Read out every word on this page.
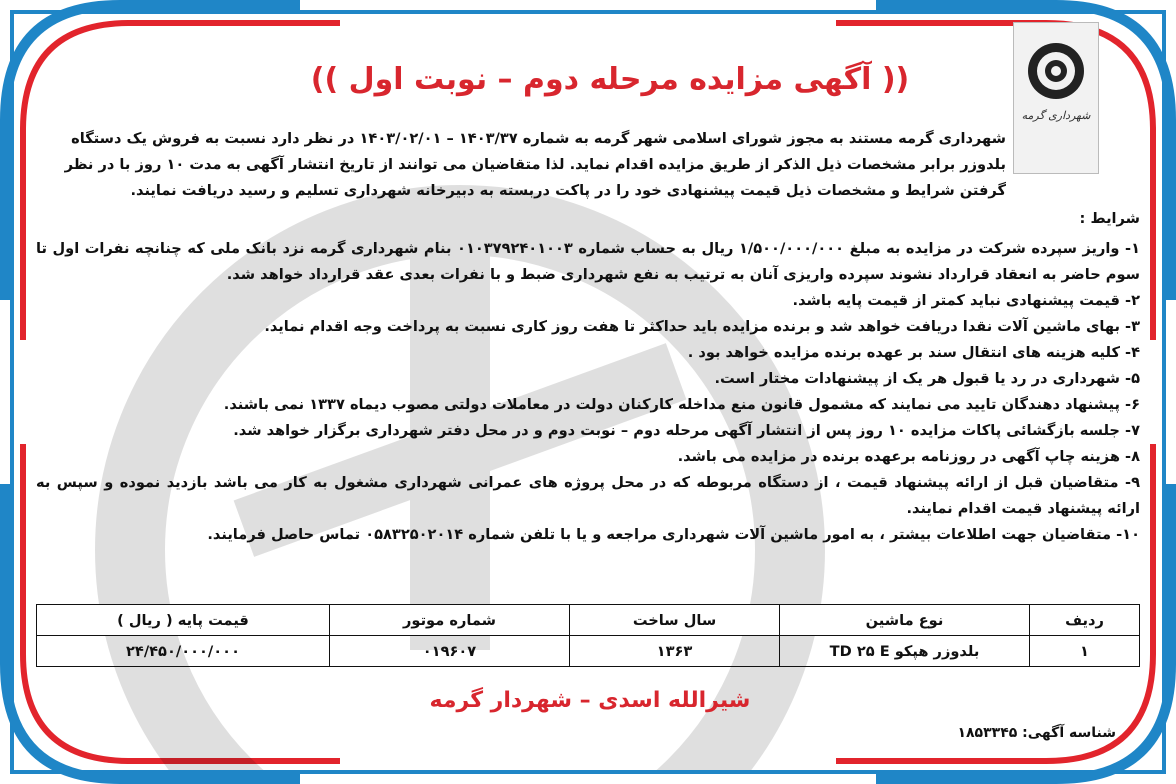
شهرداری گرمه
(( آگهی مزایده مرحله دوم – نوبت اول ))

شهرداری گرمه مستند به مجوز شورای اسلامی شهر گرمه به شماره ۱۴۰۳/۳۷ – ۱۴۰۳/۰۲/۰۱ در نظر دارد نسبت به فروش یک دستگاه

بلدوزر برابر مشخصات ذیل الذکر از طریق مزایده اقدام نماید. لذا متقاضیان می توانند از تاریخ انتشار آگهی به مدت ۱۰ روز با در نظر

گرفتن شرایط و مشخصات ذیل قیمت پیشنهادی خود را در پاکت دربسته به دبیرخانه شهرداری تسلیم و رسید دریافت نمایند.

شرایط :
۱- واریز سپرده شرکت در مزایده به مبلغ ۱/۵۰۰/۰۰۰/۰۰۰ ریال به حساب شماره ۰۱۰۳۷۹۲۴۰۱۰۰۳ بنام شهرداری گرمه نزد بانک ملی که چنانچه نفرات اول تا سوم حاضر به انعقاد قرارداد نشوند سپرده واریزی آنان به ترتیب به نفع شهرداری ضبط و با نفرات بعدی عقد قرارداد خواهد شد.
۲- قیمت پیشنهادی نباید کمتر از قیمت پایه باشد.
۳- بهای ماشین آلات نقدا دریافت خواهد شد و برنده مزایده باید حداکثر تا هفت روز کاری نسبت به پرداخت وجه اقدام نماید.
۴- کلیه هزینه های انتقال سند بر عهده برنده مزایده خواهد بود .
۵- شهرداری در رد یا قبول هر یک از پیشنهادات مختار است.
۶- پیشنهاد دهندگان تایید می نمایند که مشمول قانون منع مداخله کارکنان دولت در معاملات دولتی مصوب دیماه ۱۳۳۷ نمی باشند.
۷- جلسه بازگشائی پاکات مزایده ۱۰ روز پس از انتشار آگهی مرحله دوم – نوبت دوم و در محل دفتر شهرداری برگزار خواهد شد.
۸- هزینه چاپ آگهی در روزنامه برعهده برنده در مزایده می باشد.
۹- متقاضیان قبل از ارائه پیشنهاد قیمت ، از دستگاه مربوطه که در محل پروژه های عمرانی شهرداری مشغول به کار می باشد بازدید نموده و سپس به ارائه پیشنهاد قیمت اقدام نمایند.
۱۰- متقاضیان جهت اطلاعات بیشتر ، به امور ماشین آلات شهرداری مراجعه و یا با تلفن شماره ۰۵۸۳۲۵۰۲۰۱۴ تماس حاصل فرمایند.
ردیف	نوع ماشین	سال ساخت	شماره موتور	قیمت پایه ( ریال )
۱	بلدوزر هپکو TD ۲۵ E	۱۳۶۳	۰۱۹۶۰۷	۲۴/۴۵۰/۰۰۰/۰۰۰
شیرالله اسدی – شهردار گرمه
شناسه آگهی: ۱۸۵۳۳۴۵
